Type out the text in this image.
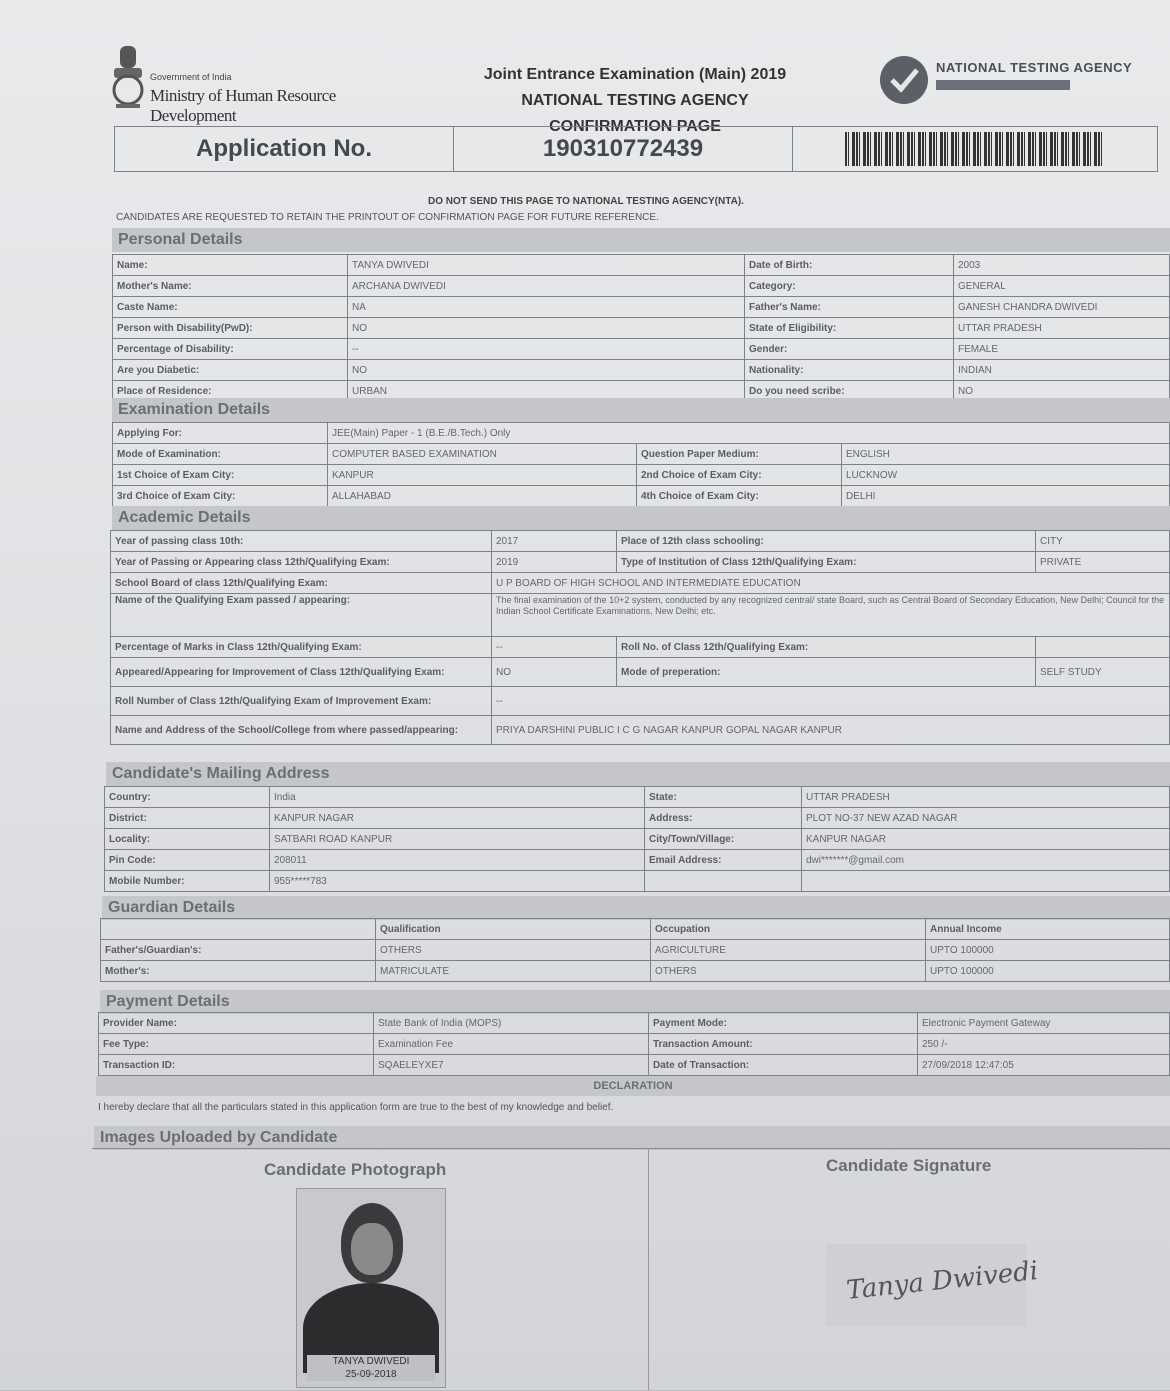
Government of India
Ministry of Human Resource Development
Joint Entrance Examination (Main) 2019
NATIONAL TESTING AGENCY
CONFIRMATION PAGE
NATIONAL TESTING AGENCY
Application No.	190310772439	
DO NOT SEND THIS PAGE TO NATIONAL TESTING AGENCY(NTA).
CANDIDATES ARE REQUESTED TO RETAIN THE PRINTOUT OF CONFIRMATION PAGE FOR FUTURE REFERENCE.
Personal Details
Name:	TANYA DWIVEDI	Date of Birth:	2003
Mother's Name:	ARCHANA DWIVEDI	Category:	GENERAL
Caste Name:	NA	Father's Name:	GANESH CHANDRA DWIVEDI
Person with Disability(PwD):	NO	State of Eligibility:	UTTAR PRADESH
Percentage of Disability:	--	Gender:	FEMALE
Are you Diabetic:	NO	Nationality:	INDIAN
Place of Residence:	URBAN	Do you need scribe:	NO
Examination Details
Applying For:	JEE(Main) Paper - 1 (B.E./B.Tech.) Only		
Mode of Examination:	COMPUTER BASED EXAMINATION	Question Paper Medium:	ENGLISH
1st Choice of Exam City:	KANPUR	2nd Choice of Exam City:	LUCKNOW
3rd Choice of Exam City:	ALLAHABAD	4th Choice of Exam City:	DELHI
Academic Details
Year of passing class 10th:	2017	Place of 12th class schooling:	CITY
Year of Passing or Appearing class 12th/Qualifying Exam:	2019	Type of Institution of Class 12th/Qualifying Exam:	PRIVATE
School Board of class 12th/Qualifying Exam:	U P BOARD OF HIGH SCHOOL AND INTERMEDIATE EDUCATION		
Name of the Qualifying Exam passed / appearing:	The final examination of the 10+2 system, conducted by any recognized central/ state Board, such as Central Board of Secondary Education, New Delhi; Council for the Indian School Certificate Examinations, New Delhi; etc.		
Percentage of Marks in Class 12th/Qualifying Exam:	--	Roll No. of Class 12th/Qualifying Exam:	
Appeared/Appearing for Improvement of Class 12th/Qualifying Exam:	NO	Mode of preperation:	SELF STUDY
Roll Number of Class 12th/Qualifying Exam of Improvement Exam:	--		
Name and Address of the School/College from where passed/appearing:	PRIYA DARSHINI PUBLIC I C G NAGAR KANPUR GOPAL NAGAR KANPUR		
Candidate's Mailing Address
Country:	India	State:	UTTAR PRADESH
District:	KANPUR NAGAR	Address:	PLOT NO-37 NEW AZAD NAGAR
Locality:	SATBARI ROAD KANPUR	City/Town/Village:	KANPUR NAGAR
Pin Code:	208011	Email Address:	dwi*******@gmail.com
Mobile Number:	955*****783		
Guardian Details
	Qualification	Occupation	Annual Income
Father's/Guardian's:	OTHERS	AGRICULTURE	UPTO 100000
Mother's:	MATRICULATE	OTHERS	UPTO 100000
Payment Details
Provider Name:	State Bank of India (MOPS)	Payment Mode:	Electronic Payment Gateway
Fee Type:	Examination Fee	Transaction Amount:	250 /-
Transaction ID:	SQAELEYXE7	Date of Transaction:	27/09/2018 12:47:05
DECLARATION
I hereby declare that all the particulars stated in this application form are true to the best of my knowledge and belief.
Images Uploaded by Candidate
Candidate Photograph	Candidate Signature
TANYA DWIVEDI
25-09-2018
Tanya Dwivedi
